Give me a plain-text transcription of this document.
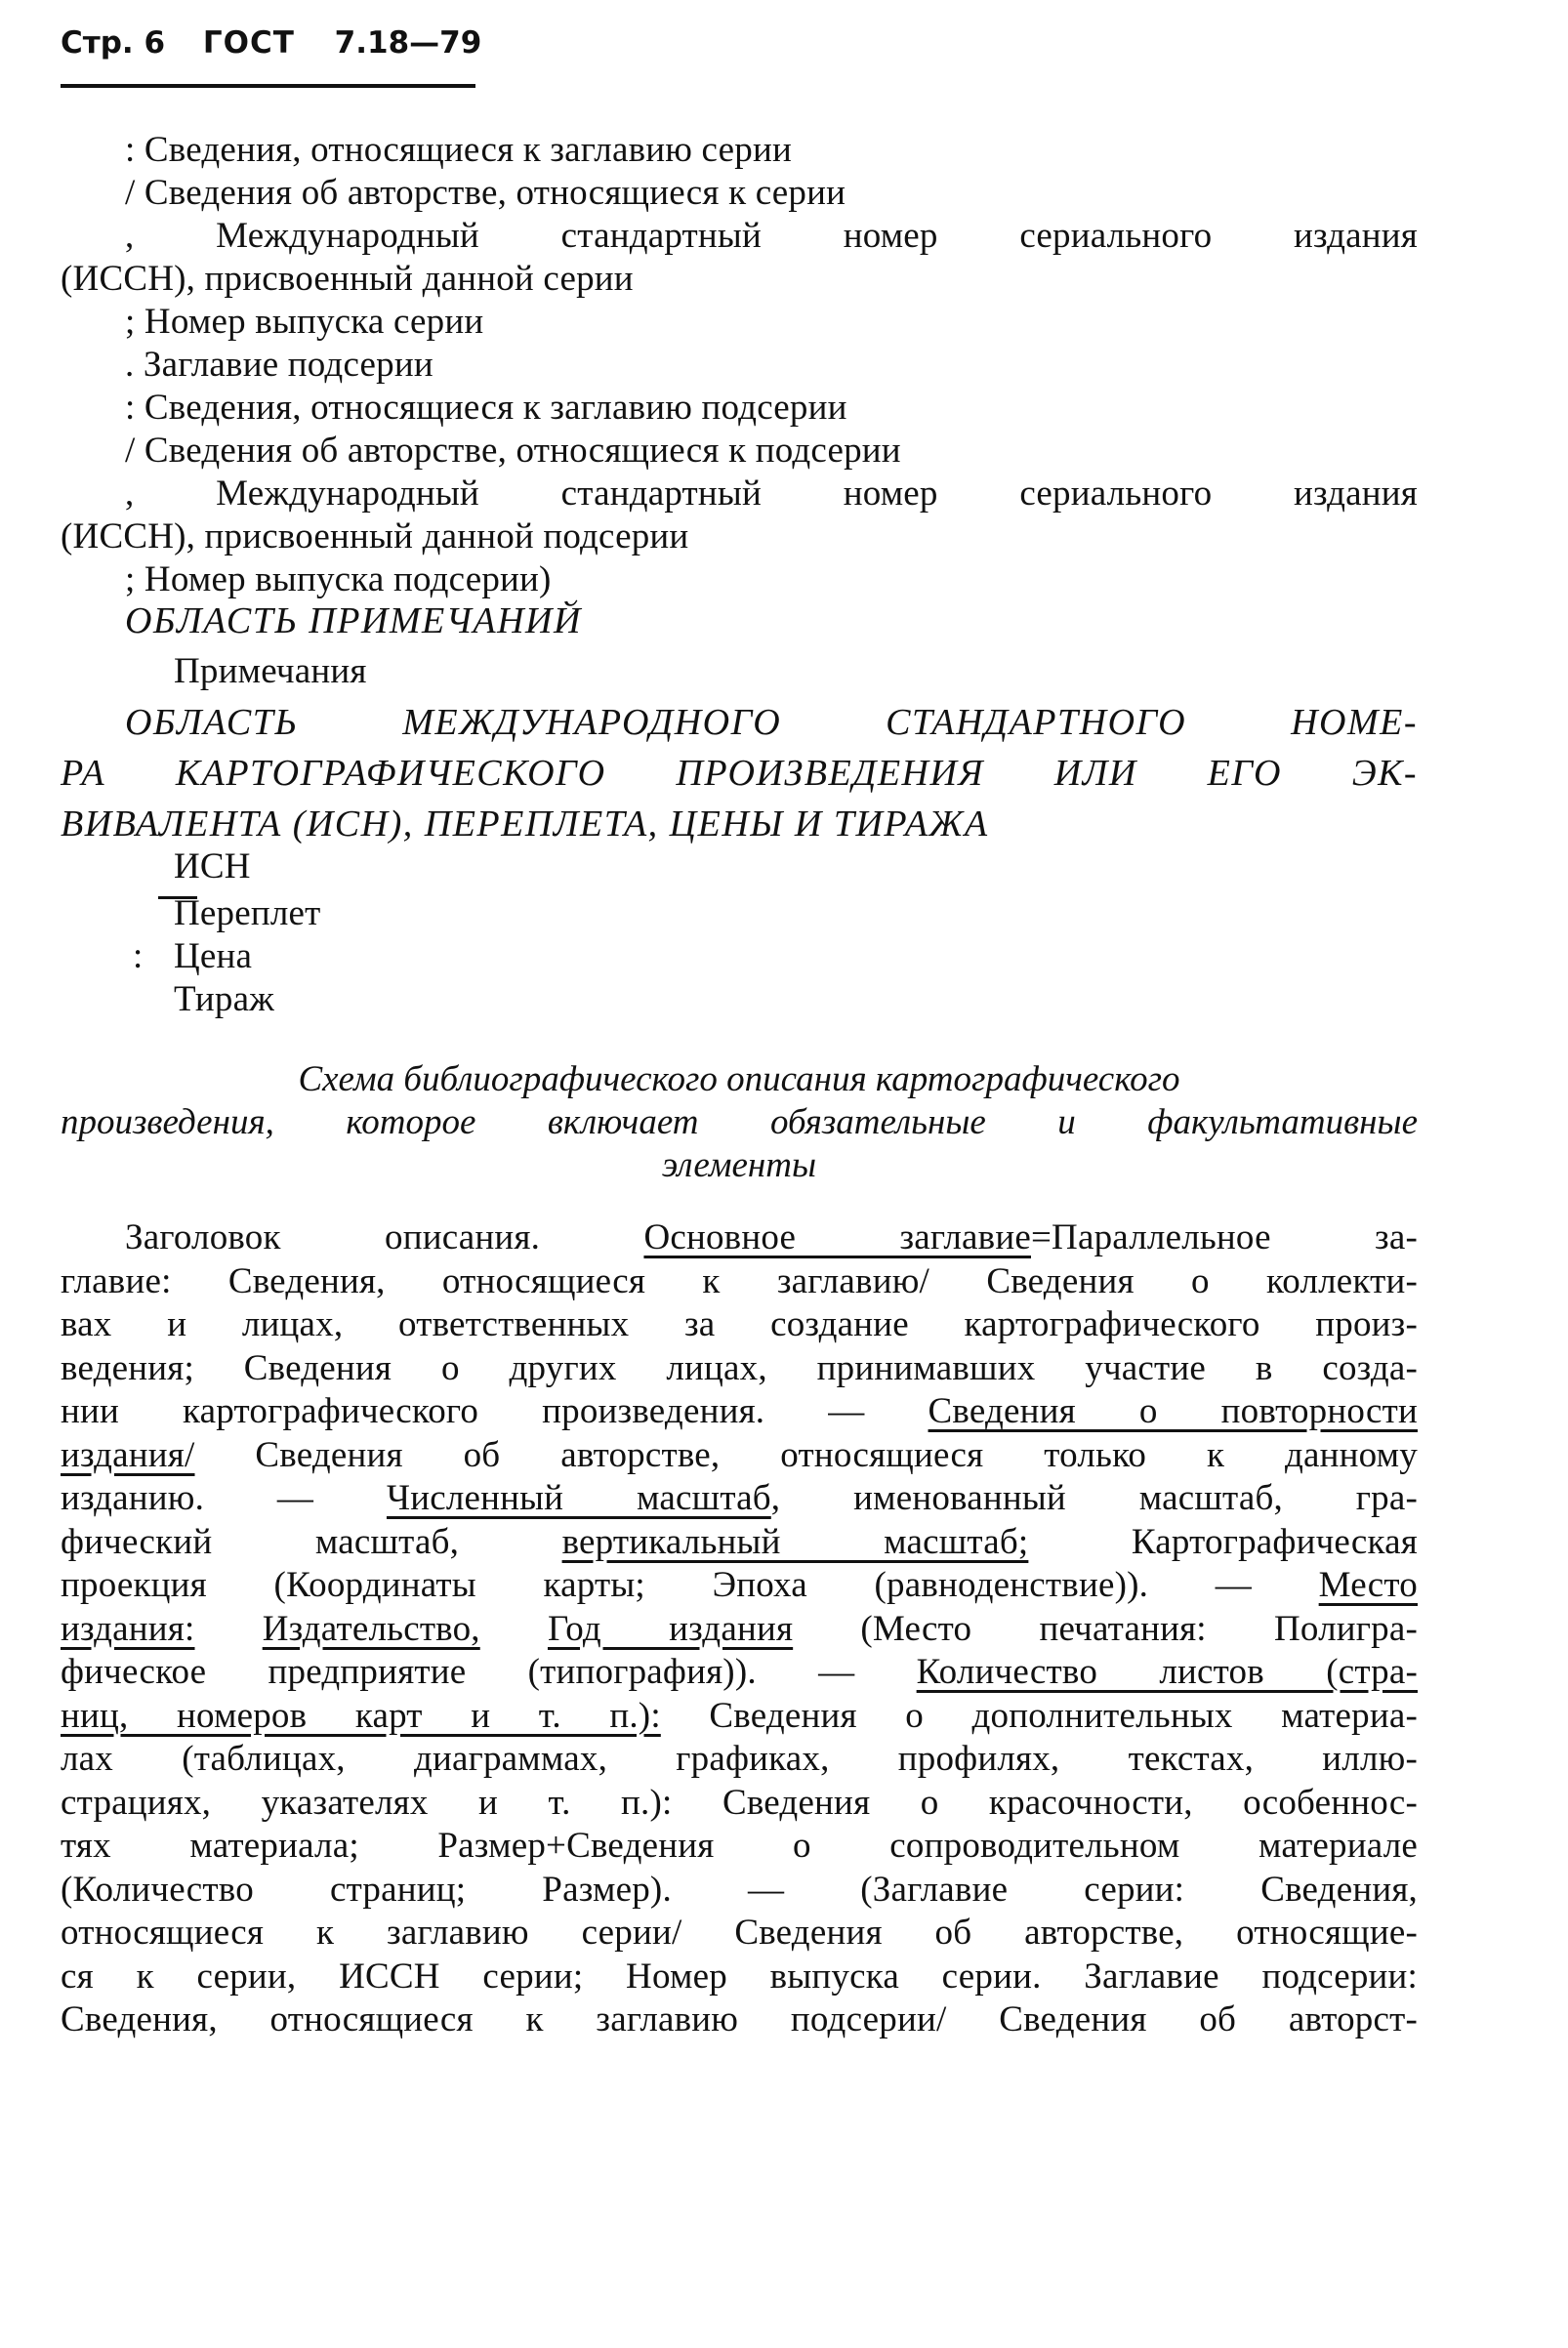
Стр. 6 ГОСТ 7.18—79
: Сведения, относящиеся к заглавию серии
/ Сведения об авторстве, относящиеся к серии
, Международный стандартный номер сериального издания
(ИССН), присвоенный данной серии
; Номер выпуска серии
. Заглавие подсерии
: Сведения, относящиеся к заглавию подсерии
/ Сведения об авторстве, относящиеся к подсерии
, Международный стандартный номер сериального издания
(ИССН), присвоенный данной подсерии
; Номер выпуска подсерии)
ОБЛАСТЬ ПРИМЕЧАНИЙ
Примечания
ОБЛАСТЬ МЕЖДУНАРОДНОГО СТАНДАРТНОГО НОМЕ-
РА КАРТОГРАФИЧЕСКОГО ПРОИЗВЕДЕНИЯ ИЛИ ЕГО ЭК-
ВИВАЛЕНТА (ИСН), ПЕРЕПЛЕТА, ЦЕНЫ И ТИРАЖА
ИСН
Переплет
: Цена
Тираж
Схема библиографического описания картографического
произведения, которое включает обязательные и факультативные
элементы
Заголовок описания. Основное заглавие=Параллельное за-
главие: Сведения, относящиеся к заглавию/ Сведения о коллекти-
вах и лицах, ответственных за создание картографического произ-
ведения; Сведения о других лицах, принимавших участие в созда-
нии картографического произведения. — Сведения о повторности
издания/ Сведения об авторстве, относящиеся только к данному
изданию. — Численный масштаб, именованный масштаб, гра-
фический масштаб, вертикальный масштаб; Картографическая
проекция (Координаты карты; Эпоха (равноденствие)). — Место
издания: Издательство, Год издания (Место печатания: Полигра-
фическое предприятие (типография)). — Количество листов (стра-
ниц, номеров карт и т. п.): Сведения о дополнительных материа-
лах (таблицах, диаграммах, графиках, профилях, текстах, иллю-
страциях, указателях и т. п.): Сведения о красочности, особеннос-
тях материала; Размер+Сведения о сопроводительном материале
(Количество страниц; Размер). — (Заглавие серии: Сведения,
относящиеся к заглавию серии/ Сведения об авторстве, относящие-
ся к серии, ИССН серии; Номер выпуска серии. Заглавие подсерии:
Сведения, относящиеся к заглавию подсерии/ Сведения об авторст-
